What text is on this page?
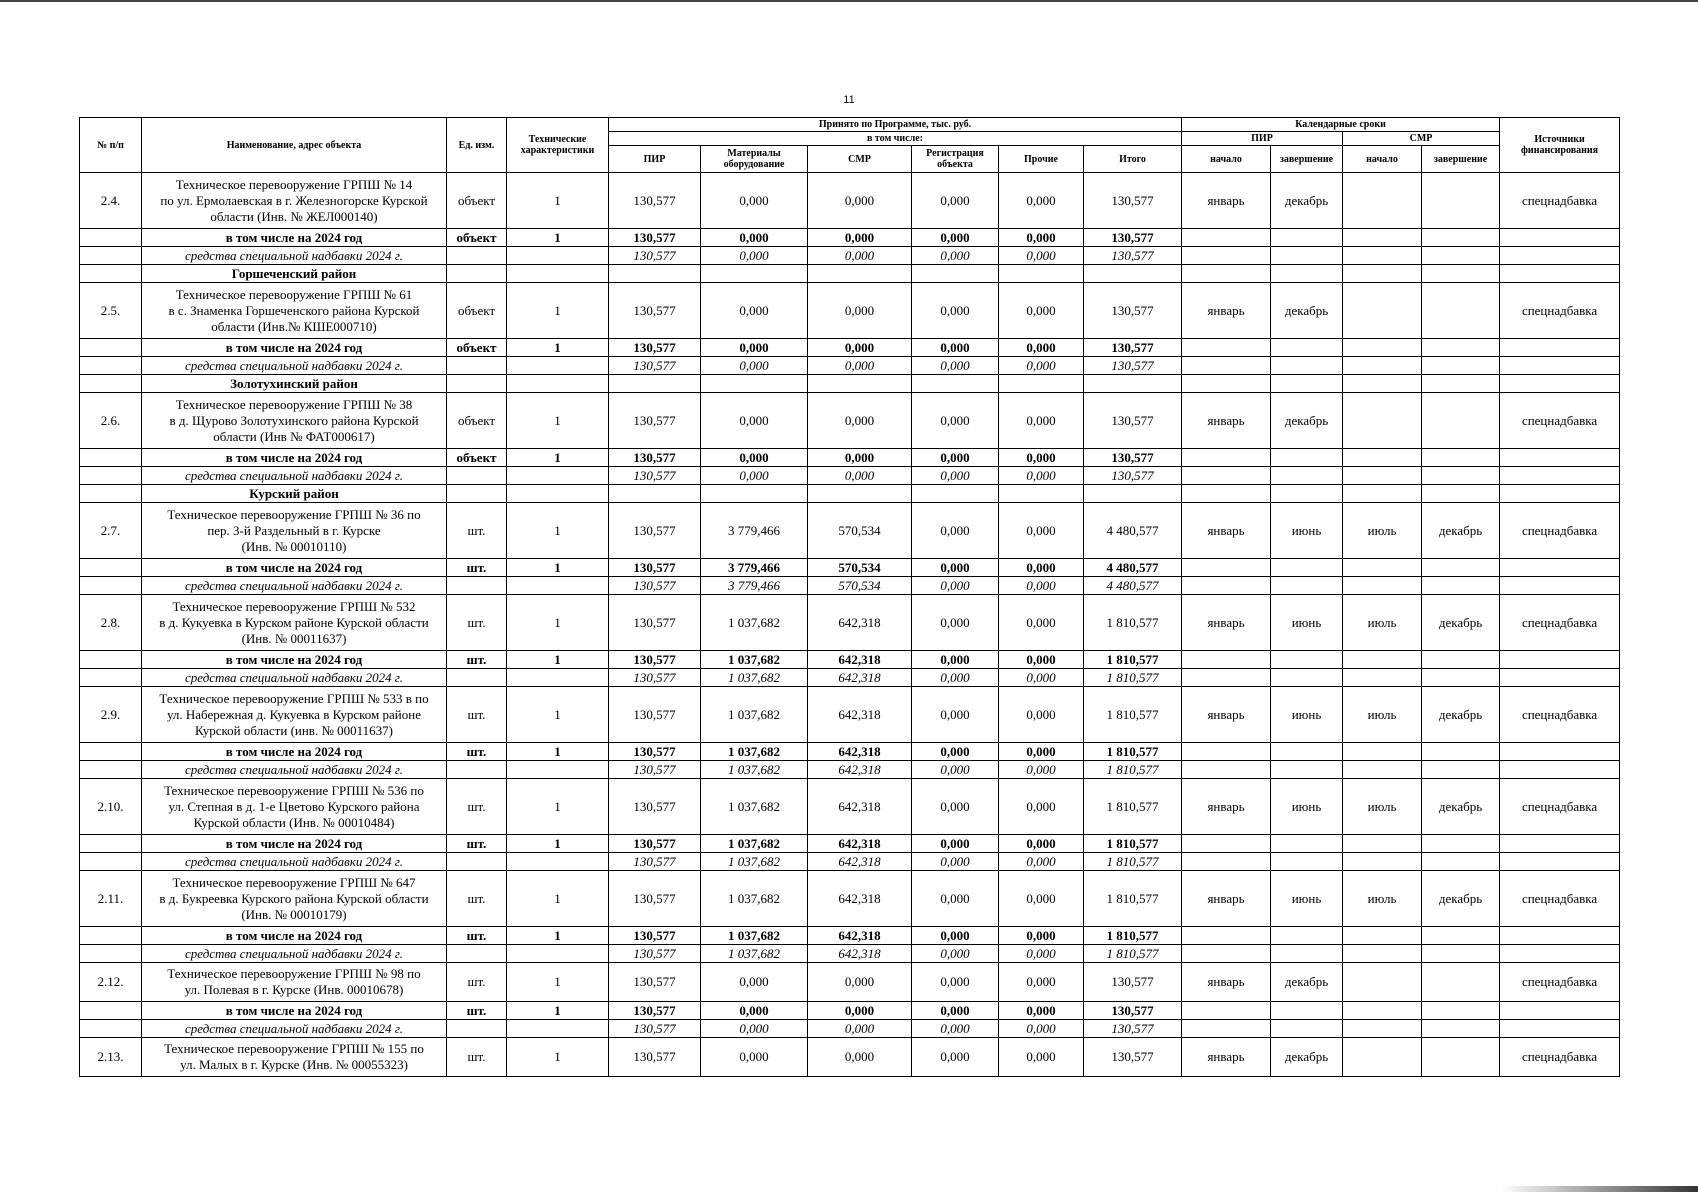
11
№ п/п	Наименование, адрес объекта	Ед. изм.	Технические характеристики	Принято по Программе, тыс. руб.						Календарные сроки				Источники финансирования
				в том числе:						ПИР		СМР		
				ПИР	Материалы оборудование	СМР	Регистрация объекта	Прочие	Итого	начало	завершение	начало	завершение	
2.4.	Техническое перевооружение ГРПШ № 14
по ул. Ермолаевская в г. Железногорске Курской
области (Инв. № ЖЕЛ000140)	объект	1	130,577	0,000	0,000	0,000	0,000	130,577	январь	декабрь			спецнадбавка
	в том числе на 2024 год	объект	1	130,577	0,000	0,000	0,000	0,000	130,577					
	средства специальной надбавки 2024 г.			130,577	0,000	0,000	0,000	0,000	130,577					
	Горшеченский район													
2.5.	Техническое перевооружение ГРПШ № 61
в с. Знаменка Горшеченского района Курской
области (Инв.№ КШЕ000710)	объект	1	130,577	0,000	0,000	0,000	0,000	130,577	январь	декабрь			спецнадбавка
	в том числе на 2024 год	объект	1	130,577	0,000	0,000	0,000	0,000	130,577					
	средства специальной надбавки 2024 г.			130,577	0,000	0,000	0,000	0,000	130,577					
	Золотухинский район													
2.6.	Техническое перевооружение ГРПШ № 38
в д. Щурово Золотухинского района Курской
области (Инв № ФАТ000617)	объект	1	130,577	0,000	0,000	0,000	0,000	130,577	январь	декабрь			спецнадбавка
	в том числе на 2024 год	объект	1	130,577	0,000	0,000	0,000	0,000	130,577					
	средства специальной надбавки 2024 г.			130,577	0,000	0,000	0,000	0,000	130,577					
	Курский район													
2.7.	Техническое перевооружение ГРПШ № 36 по
пер. 3-й Раздельный в г. Курске
(Инв. № 00010110)	шт.	1	130,577	3 779,466	570,534	0,000	0,000	4 480,577	январь	июнь	июль	декабрь	спецнадбавка
	в том числе на 2024 год	шт.	1	130,577	3 779,466	570,534	0,000	0,000	4 480,577					
	средства специальной надбавки 2024 г.			130,577	3 779,466	570,534	0,000	0,000	4 480,577					
2.8.	Техническое перевооружение ГРПШ № 532
в д. Кукуевка в Курском районе Курской области
(Инв. № 00011637)	шт.	1	130,577	1 037,682	642,318	0,000	0,000	1 810,577	январь	июнь	июль	декабрь	спецнадбавка
	в том числе на 2024 год	шт.	1	130,577	1 037,682	642,318	0,000	0,000	1 810,577					
	средства специальной надбавки 2024 г.			130,577	1 037,682	642,318	0,000	0,000	1 810,577					
2.9.	Техническое перевооружение ГРПШ № 533 в по
ул. Набережная д. Кукуевка в Курском районе
Курской области (инв. № 00011637)	шт.	1	130,577	1 037,682	642,318	0,000	0,000	1 810,577	январь	июнь	июль	декабрь	спецнадбавка
	в том числе на 2024 год	шт.	1	130,577	1 037,682	642,318	0,000	0,000	1 810,577					
	средства специальной надбавки 2024 г.			130,577	1 037,682	642,318	0,000	0,000	1 810,577					
2.10.	Техническое перевооружение ГРПШ № 536 по
ул. Степная в д. 1-е Цветово Курского района
Курской области (Инв. № 00010484)	шт.	1	130,577	1 037,682	642,318	0,000	0,000	1 810,577	январь	июнь	июль	декабрь	спецнадбавка
	в том числе на 2024 год	шт.	1	130,577	1 037,682	642,318	0,000	0,000	1 810,577					
	средства специальной надбавки 2024 г.			130,577	1 037,682	642,318	0,000	0,000	1 810,577					
2.11.	Техническое перевооружение ГРПШ № 647
в д. Букреевка Курского района Курской области
(Инв. № 00010179)	шт.	1	130,577	1 037,682	642,318	0,000	0,000	1 810,577	январь	июнь	июль	декабрь	спецнадбавка
	в том числе на 2024 год	шт.	1	130,577	1 037,682	642,318	0,000	0,000	1 810,577					
	средства специальной надбавки 2024 г.			130,577	1 037,682	642,318	0,000	0,000	1 810,577					
2.12.	Техническое перевооружение ГРПШ № 98 по
ул. Полевая в г. Курске (Инв. 00010678)	шт.	1	130,577	0,000	0,000	0,000	0,000	130,577	январь	декабрь			спецнадбавка
	в том числе на 2024 год	шт.	1	130,577	0,000	0,000	0,000	0,000	130,577					
	средства специальной надбавки 2024 г.			130,577	0,000	0,000	0,000	0,000	130,577					
2.13.	Техническое перевооружение ГРПШ № 155 по
ул. Малых в г. Курске (Инв. № 00055323)	шт.	1	130,577	0,000	0,000	0,000	0,000	130,577	январь	декабрь			спецнадбавка
